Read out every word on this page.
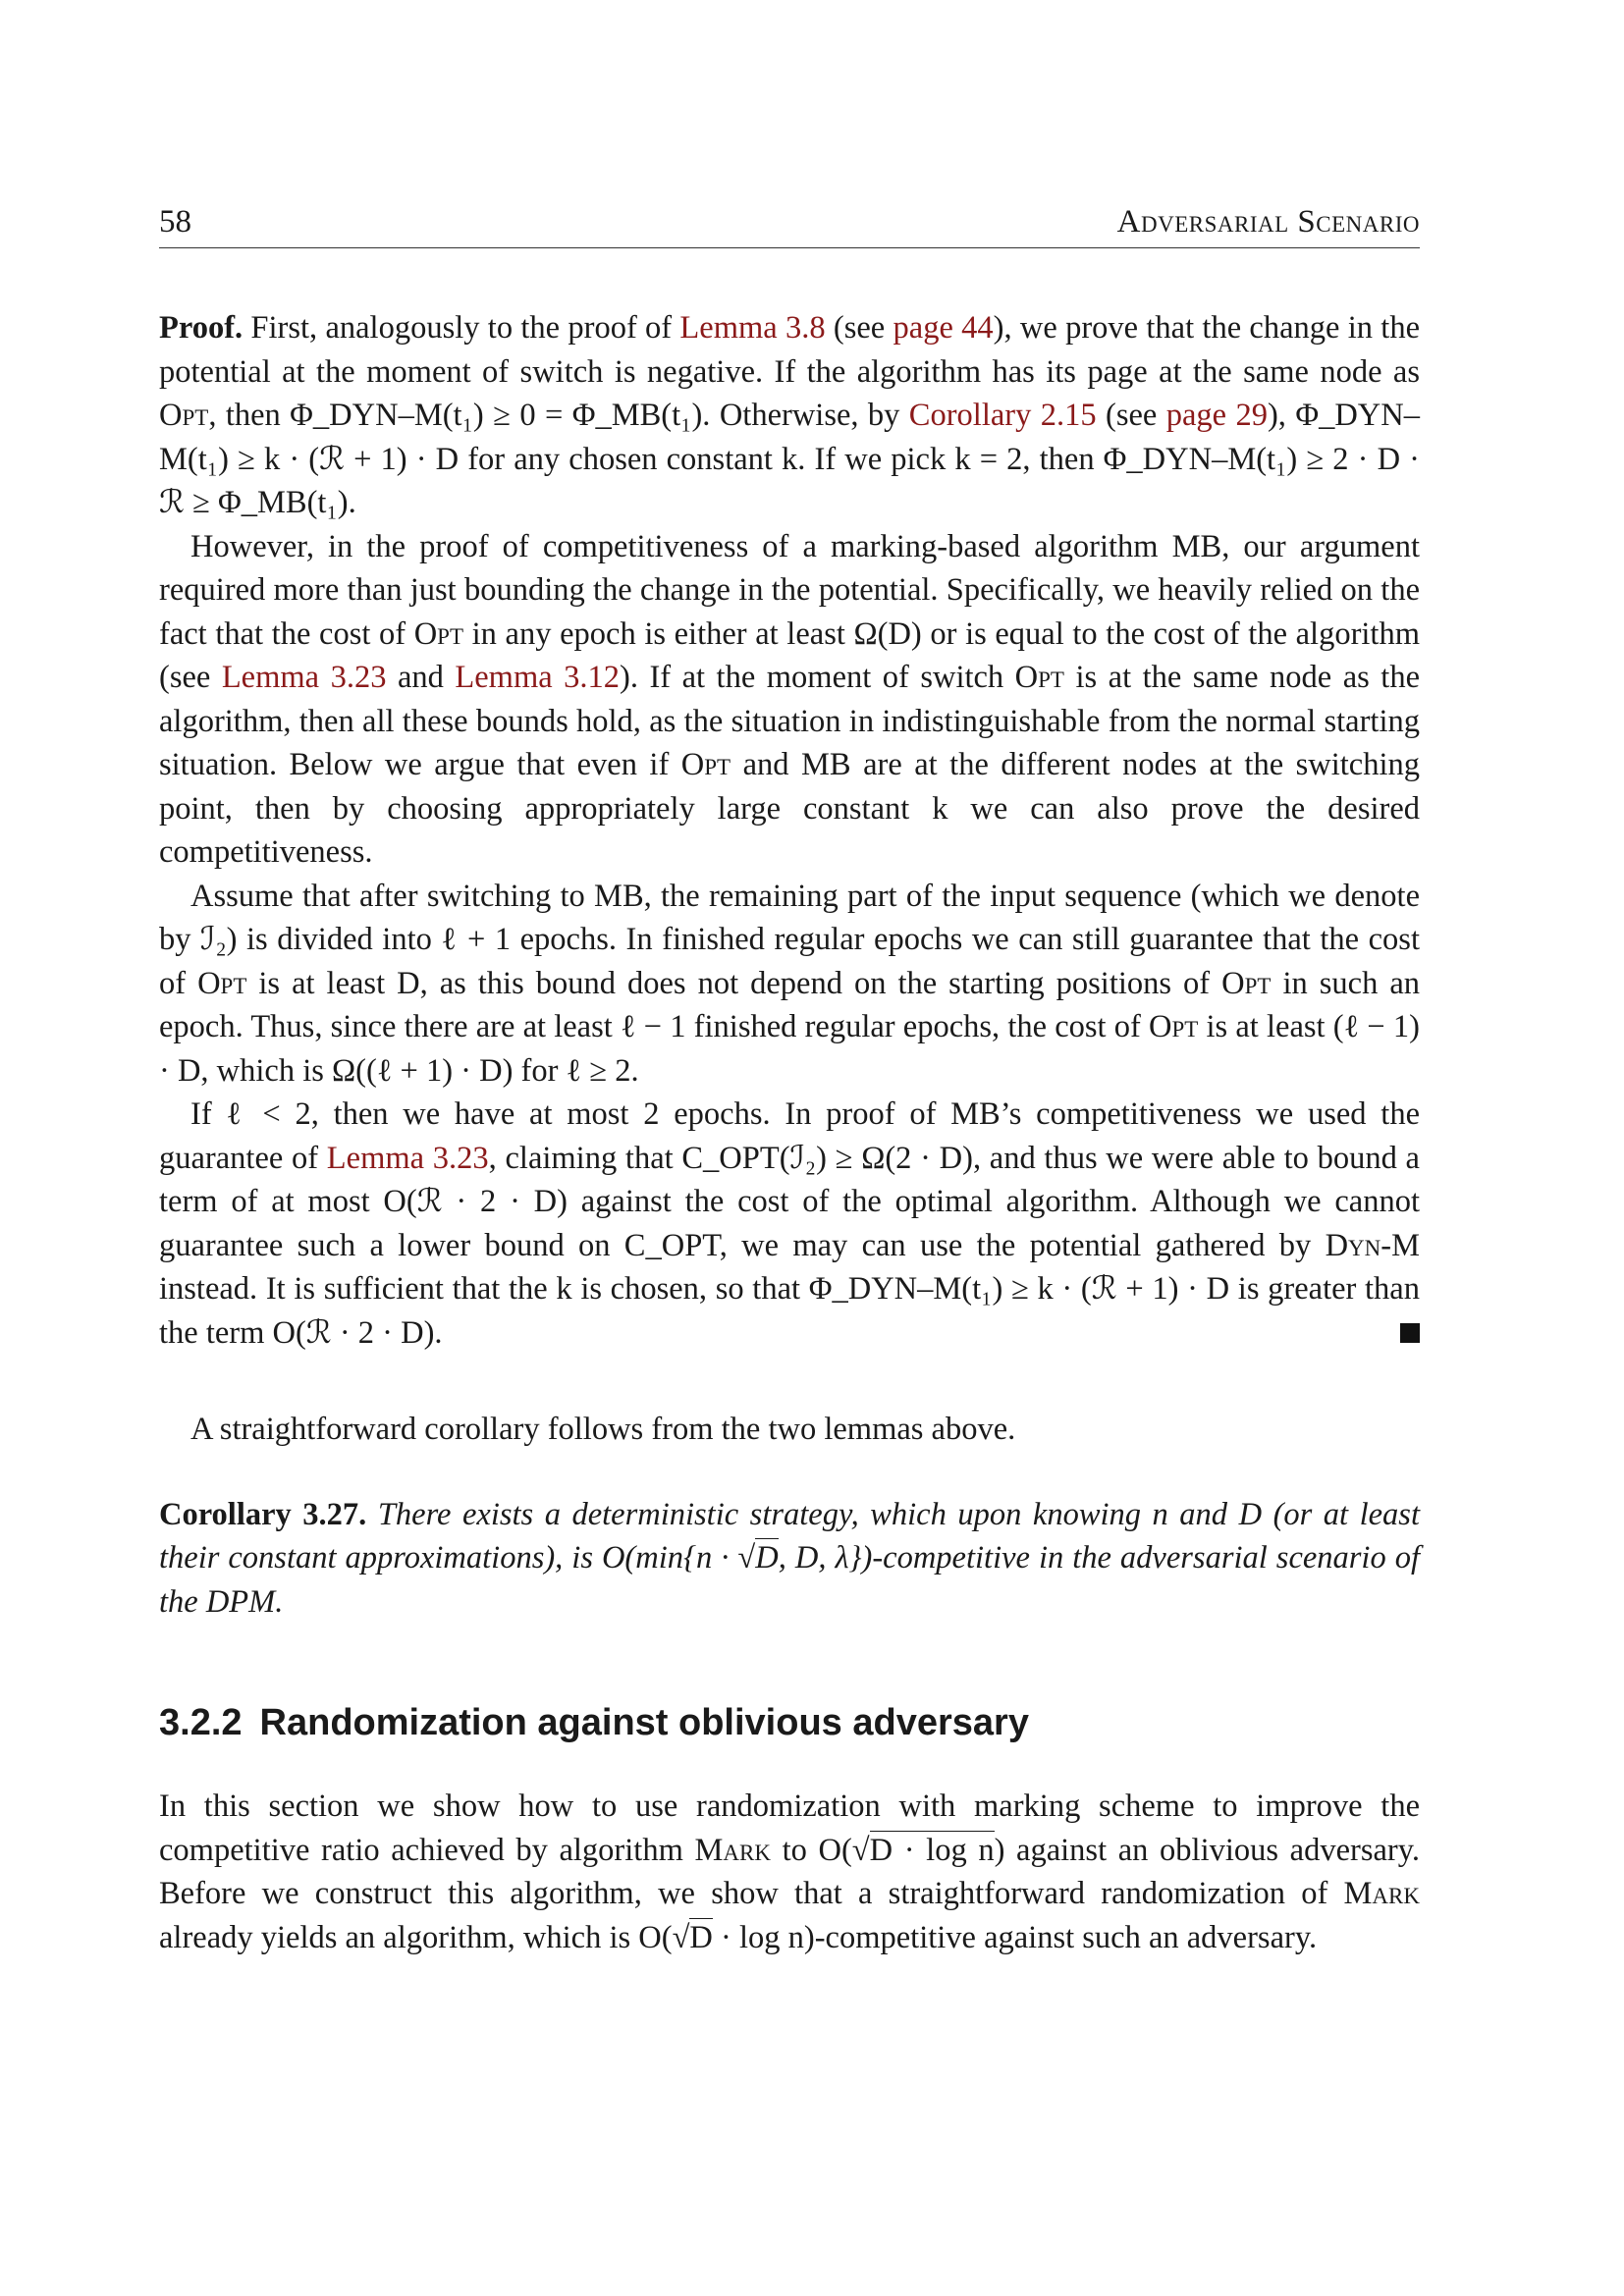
58	Adversarial Scenario

Proof. First, analogously to the proof of Lemma 3.8 (see page 44), we prove that the change in the potential at the moment of switch is negative. If the algorithm has its page at the same node as Opt, then Φ_DYN–M(t₁) ≥ 0 = Φ_MB(t₁). Otherwise, by Corollary 2.15 (see page 29), Φ_DYN–M(t₁) ≥ k · (ℛ + 1) · D for any chosen constant k. If we pick k = 2, then Φ_DYN–M(t₁) ≥ 2 · D · ℛ ≥ Φ_MB(t₁).

However, in the proof of competitiveness of a marking-based algorithm MB, our argument required more than just bounding the change in the potential. Specifically, we heavily relied on the fact that the cost of Opt in any epoch is either at least Ω(D) or is equal to the cost of the algorithm (see Lemma 3.23 and Lemma 3.12). If at the moment of switch Opt is at the same node as the algorithm, then all these bounds hold, as the situation in indistinguishable from the normal starting situation. Below we argue that even if Opt and MB are at the different nodes at the switching point, then by choosing appropriately large constant k we can also prove the desired competitiveness.

Assume that after switching to MB, the remaining part of the input sequence (which we denote by ℐ₂) is divided into ℓ + 1 epochs. In finished regular epochs we can still guarantee that the cost of Opt is at least D, as this bound does not depend on the starting positions of Opt in such an epoch. Thus, since there are at least ℓ − 1 finished regular epochs, the cost of Opt is at least (ℓ − 1) · D, which is Ω((ℓ + 1) · D) for ℓ ≥ 2.

If ℓ < 2, then we have at most 2 epochs. In proof of MB’s competitiveness we used the guarantee of Lemma 3.23, claiming that C_OPT(ℐ₂) ≥ Ω(2 · D), and thus we were able to bound a term of at most O(ℛ · 2 · D) against the cost of the optimal algorithm. Although we cannot guarantee such a lower bound on C_OPT, we may can use the potential gathered by Dyn-M instead. It is sufficient that the k is chosen, so that Φ_DYN–M(t₁) ≥ k · (ℛ + 1) · D is greater than the term O(ℛ · 2 · D).

A straightforward corollary follows from the two lemmas above.

Corollary 3.27. There exists a deterministic strategy, which upon knowing n and D (or at least their constant approximations), is O(min{n · √D, D, λ})-competitive in the adversarial scenario of the DPM.

3.2.2 Randomization against oblivious adversary

In this section we show how to use randomization with marking scheme to improve the competitive ratio achieved by algorithm Mark to O(√D · log n) against an oblivious adversary. Before we construct this algorithm, we show that a straightforward randomization of Mark already yields an algorithm, which is O(√D · log n)-competitive against such an adversary.
